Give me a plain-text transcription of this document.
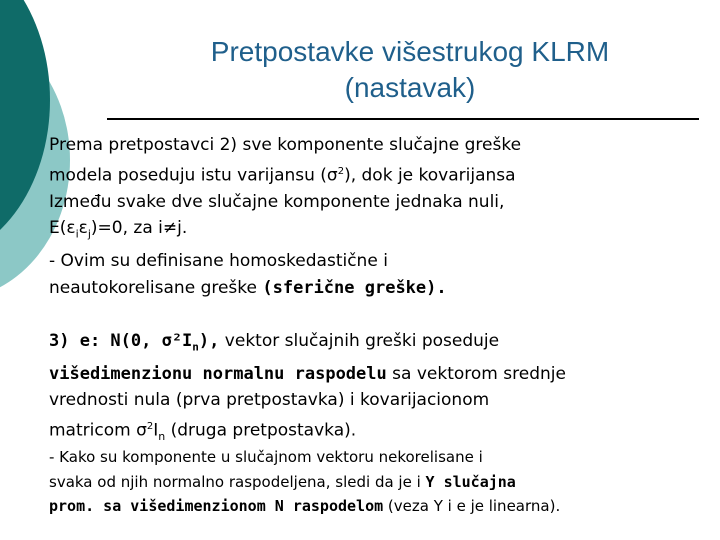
Pretpostavke višestrukog KLRM
(nastavak)
Prema pretpostavci 2) sve komponente slučajne greške
modela poseduju istu varijansu $(\sigma^2)$, dok je kovarijansa
Između svake dve slučajne komponente jednaka nuli,
$E(\varepsilon_i\varepsilon_j)=0$, za i≠j.
- Ovim su definisane homoskedastične i
neautokorelisane greške (sferične greške).
3) e: N(0, $\sigma^2I_n$), vektor slučajnih greški poseduje
višedimenzionu normalnu raspodelu sa vektorom srednje
vrednosti nula (prva pretpostavka) i kovarijacionom
matricom $\sigma^2I_n$ (druga pretpostavka).
- Kako su komponente u slučajnom vektoru nekorelisane i
svaka od njih normalno raspodeljena, sledi da je i Y slučajna
prom. sa višedimenzionom N raspodelom (veza Y i e je linearna).
